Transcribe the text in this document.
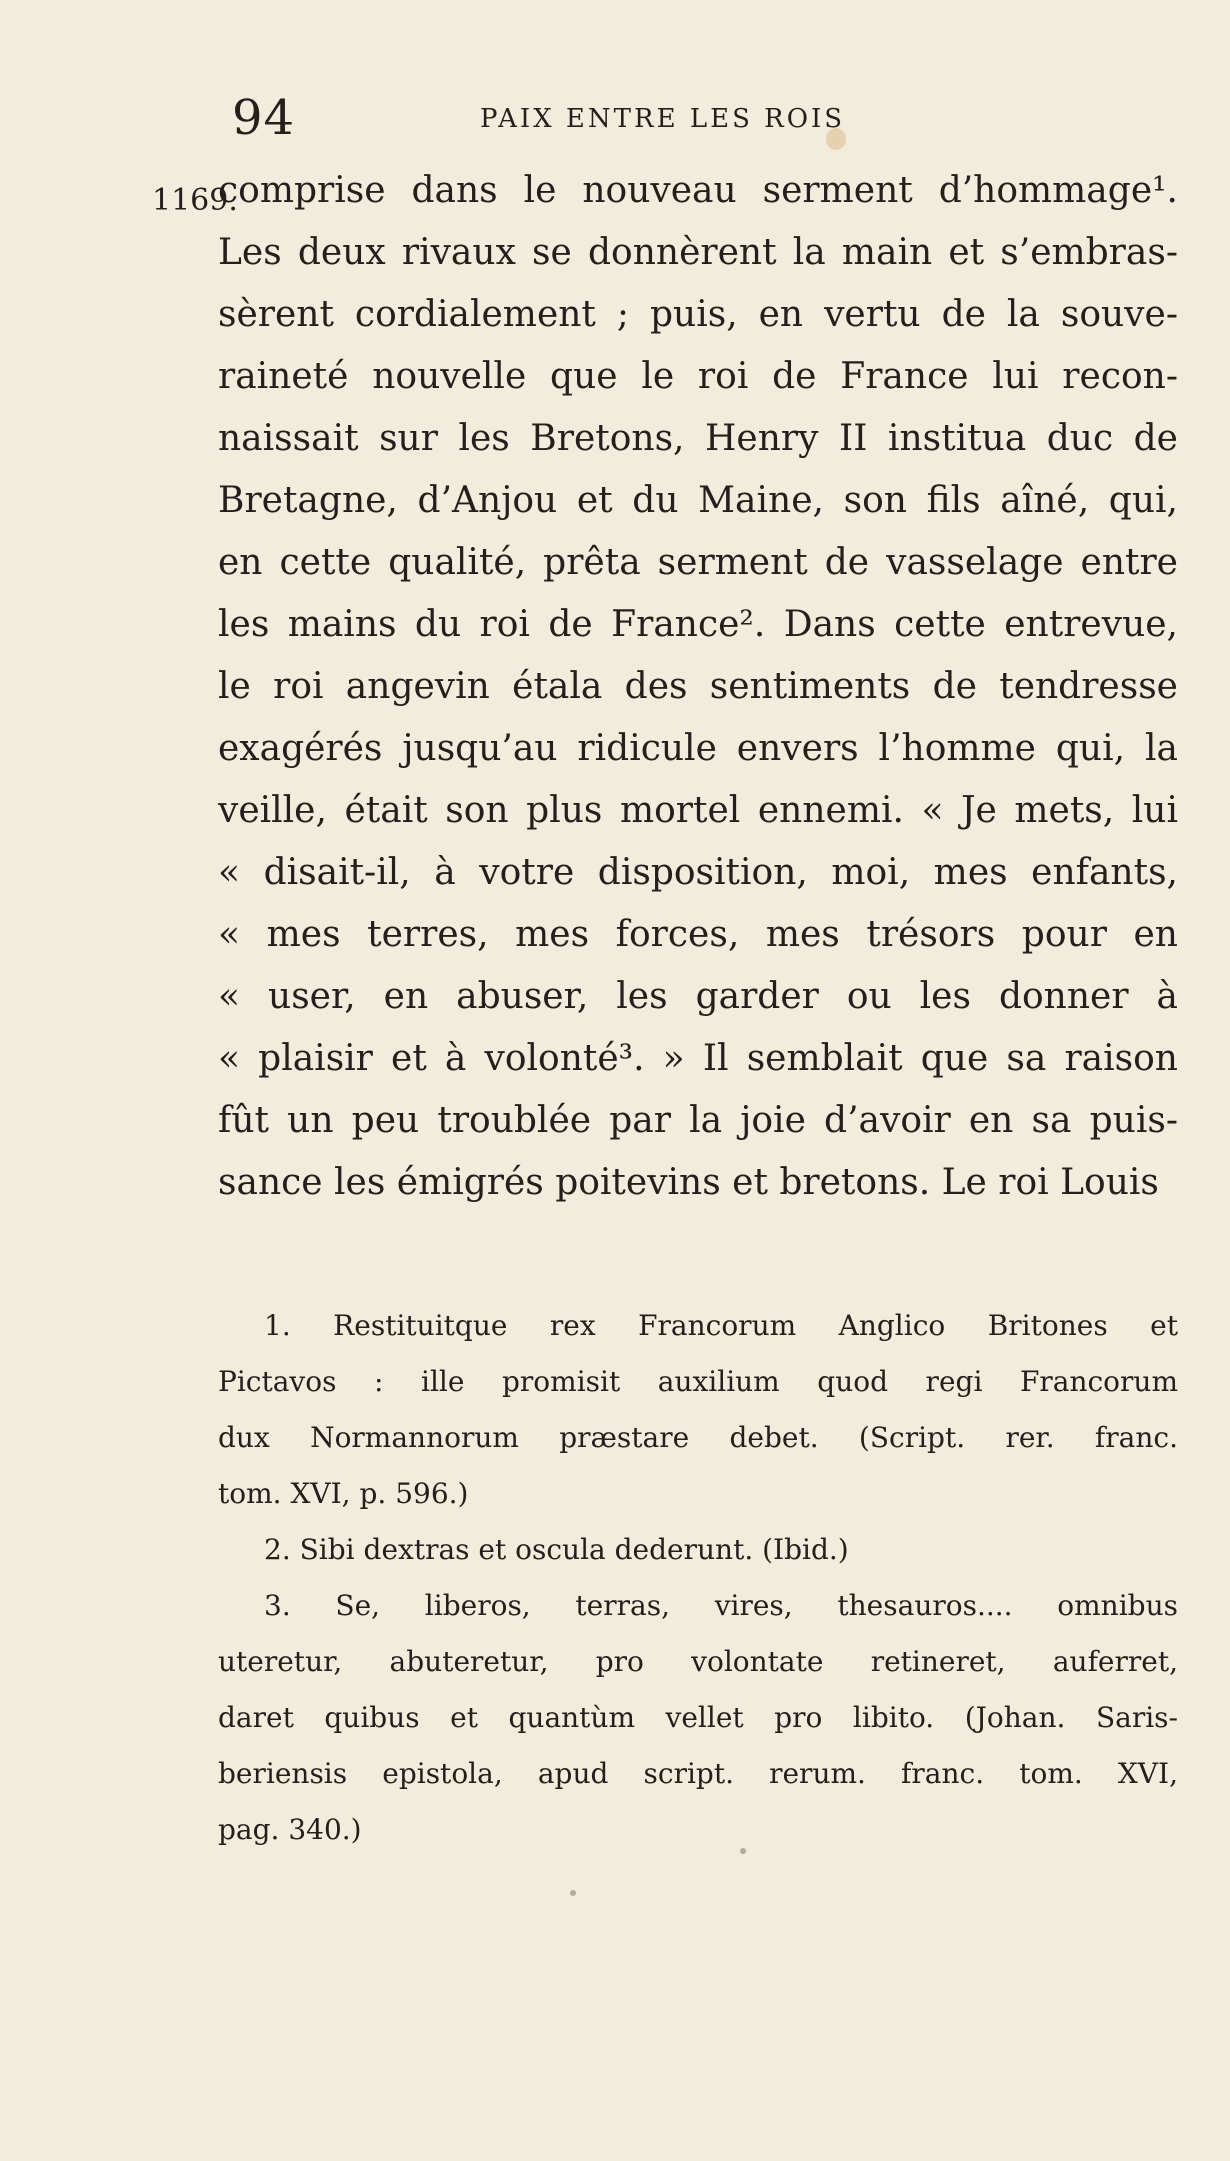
94	PAIX ENTRE LES ROIS
1169.
comprise dans le nouveau serment d’hommage¹.
Les deux rivaux se donnèrent la main et s’embras-
sèrent cordialement ; puis, en vertu de la souve-
raineté nouvelle que le roi de France lui recon-
naissait sur les Bretons, Henry II institua duc de
Bretagne, d’Anjou et du Maine, son fils aîné, qui,
en cette qualité, prêta serment de vasselage entre
les mains du roi de France². Dans cette entrevue,
le roi angevin étala des sentiments de tendresse
exagérés jusqu’au ridicule envers l’homme qui, la
veille, était son plus mortel ennemi. « Je mets, lui
« disait-il, à votre disposition, moi, mes enfants,
« mes terres, mes forces, mes trésors pour en
« user, en abuser, les garder ou les donner à
« plaisir et à volonté³. » Il semblait que sa raison
fût un peu troublée par la joie d’avoir en sa puis-
sance les émigrés poitevins et bretons. Le roi Louis
1. Restituitque rex Francorum Anglico Britones et
Pictavos : ille promisit auxilium quod regi Francorum
dux Normannorum præstare debet. (Script. rer. franc.
tom. XVI, p. 596.)
2. Sibi dextras et oscula dederunt. (Ibid.)
3. Se, liberos, terras, vires, thesauros.... omnibus
uteretur, abuteretur, pro volontate retineret, auferret,
daret quibus et quantùm vellet pro libito. (Johan. Saris-
beriensis epistola, apud script. rerum. franc. tom. XVI,
pag. 340.)
